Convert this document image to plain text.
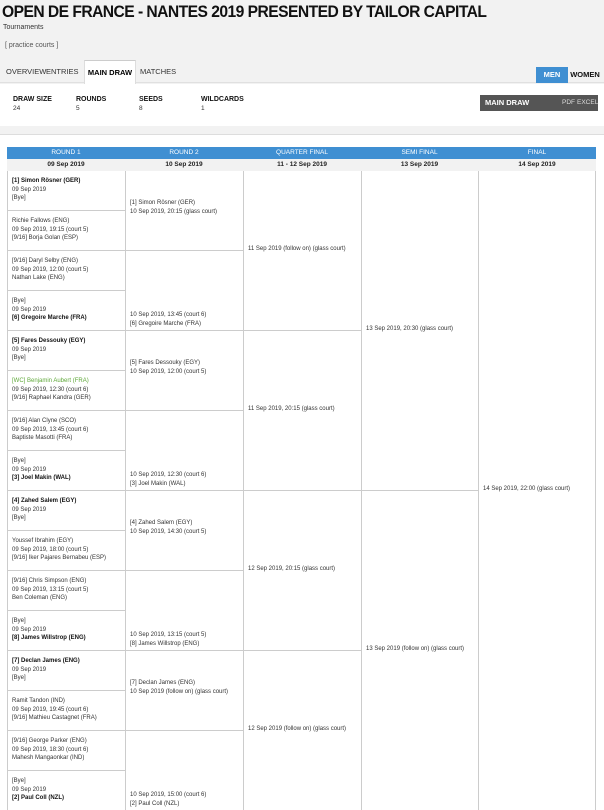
OPEN DE FRANCE - NANTES 2019 PRESENTED BY TAILOR CAPITAL
Tournaments
[ practice courts ]
OVERVIEW ENTRIES	MAIN DRAW	MATCHES	MEN	WOMEN
DRAW SIZE
24
ROUNDS
5
SEEDS
8
WILDCARDS
1
MAIN DRAW	PDF EXCEL
ROUND 1
09 Sep 2019
ROUND 2
10 Sep 2019
QUARTER FINAL
11 - 12 Sep 2019
SEMI FINAL
13 Sep 2019
FINAL
14 Sep 2019
[1] Simon Rösner (GER)
09 Sep 2019
[Bye]
Richie Fallows (ENG)
09 Sep 2019, 19:15 (court 5)
[9/16] Borja Golan (ESP)
[9/16] Daryl Selby (ENG)
09 Sep 2019, 12:00 (court 5)
Nathan Lake (ENG)
[Bye]
09 Sep 2019
[6] Gregoire Marche (FRA)
[5] Fares Dessouky (EGY)
09 Sep 2019
[Bye]
[WC] Benjamin Aubert (FRA)
09 Sep 2019, 12:30 (court 6)
[9/16] Raphael Kandra (GER)
[9/16] Alan Clyne (SCO)
09 Sep 2019, 13:45 (court 6)
Baptiste Masotti (FRA)
[Bye]
09 Sep 2019
[3] Joel Makin (WAL)
[4] Zahed Salem (EGY)
09 Sep 2019
[Bye]
Youssef Ibrahim (EGY)
09 Sep 2019, 18:00 (court 5)
[9/16] Iker Pajares Bernabeu (ESP)
[9/16] Chris Simpson (ENG)
09 Sep 2019, 13:15 (court 5)
Ben Coleman (ENG)
[Bye]
09 Sep 2019
[8] James Willstrop (ENG)
[7] Declan James (ENG)
09 Sep 2019
[Bye]
Ramit Tandon (IND)
09 Sep 2019, 19:45 (court 6)
[9/16] Mathieu Castagnet (FRA)
[9/16] George Parker (ENG)
09 Sep 2019, 18:30 (court 6)
Mahesh Mangaonkar (IND)
[Bye]
09 Sep 2019
[2] Paul Coll (NZL)
[1] Simon Rösner (GER)
10 Sep 2019, 20:15 (glass court)
10 Sep 2019, 13:45 (court 6)
[6] Gregoire Marche (FRA)
[5] Fares Dessouky (EGY)
10 Sep 2019, 12:00 (court 5)
10 Sep 2019, 12:30 (court 6)
[3] Joel Makin (WAL)
[4] Zahed Salem (EGY)
10 Sep 2019, 14:30 (court 5)
10 Sep 2019, 13:15 (court 5)
[8] James Willstrop (ENG)
[7] Declan James (ENG)
10 Sep 2019 (follow on) (glass court)
10 Sep 2019, 15:00 (court 6)
[2] Paul Coll (NZL)
11 Sep 2019 (follow on) (glass court)
11 Sep 2019, 20:15 (glass court)
12 Sep 2019, 20:15 (glass court)
12 Sep 2019 (follow on) (glass court)
13 Sep 2019, 20:30 (glass court)
13 Sep 2019 (follow on) (glass court)
14 Sep 2019, 22:00 (glass court)
